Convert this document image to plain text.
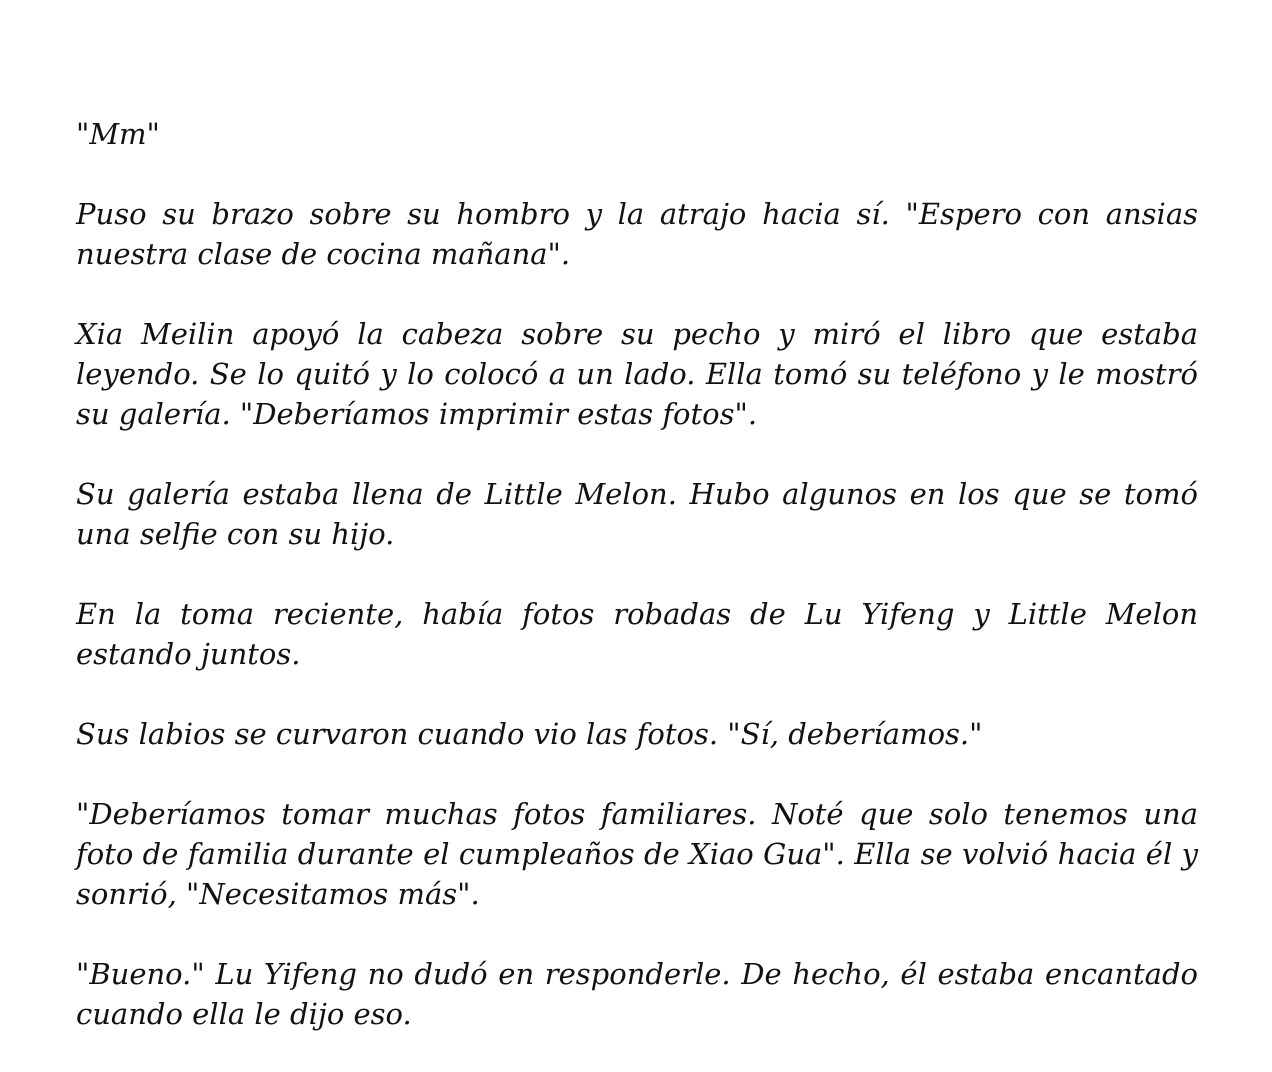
"Mm"

Puso su brazo sobre su hombro y la atrajo hacia sí. "Espero con ansias nuestra clase de cocina mañana".

Xia Meilin apoyó la cabeza sobre su pecho y miró el libro que estaba leyendo. Se lo quitó y lo colocó a un lado. Ella tomó su teléfono y le mostró su galería. "Deberíamos imprimir estas fotos".

Su galería estaba llena de Little Melon. Hubo algunos en los que se tomó una selfie con su hijo.

En la toma reciente, había fotos robadas de Lu Yifeng y Little Melon estando juntos.

Sus labios se curvaron cuando vio las fotos. "Sí, deberíamos."

"Deberíamos tomar muchas fotos familiares. Noté que solo tenemos una foto de familia durante el cumpleaños de Xiao Gua". Ella se volvió hacia él y sonrió, "Necesitamos más".

"Bueno." Lu Yifeng no dudó en responderle. De hecho, él estaba encantado cuando ella le dijo eso.
